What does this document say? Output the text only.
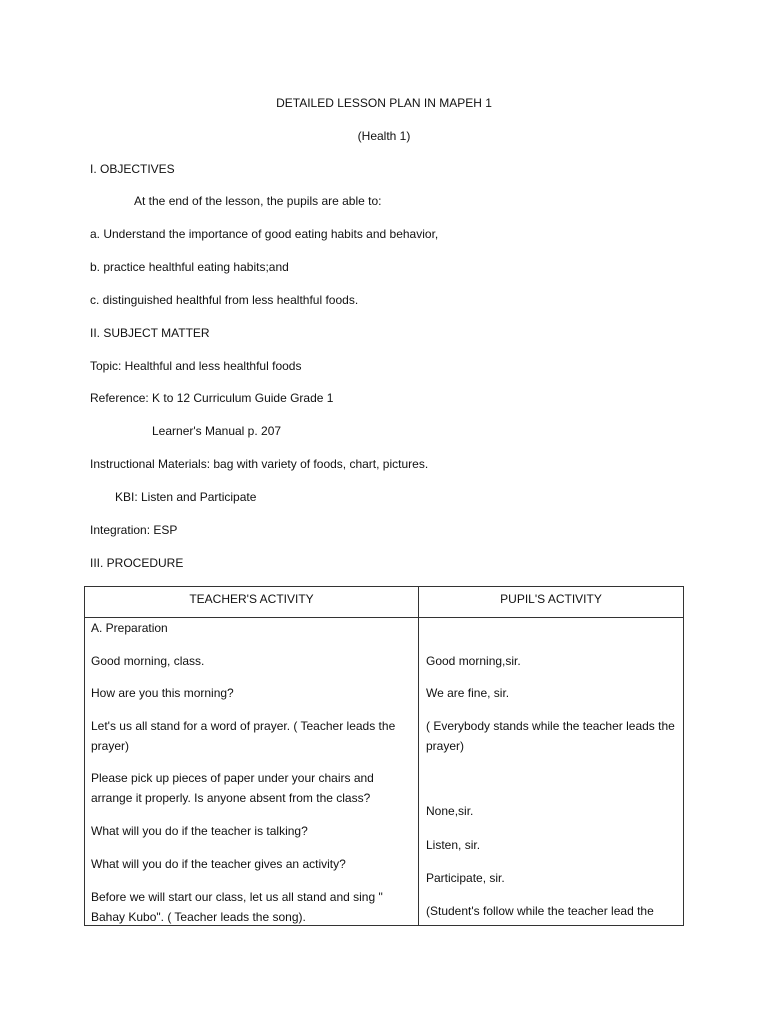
DETAILED LESSON PLAN IN MAPEH 1
(Health 1)
I. OBJECTIVES
At the end of the lesson, the pupils are able to:
a. Understand the importance of good eating habits and behavior,
b. practice healthful eating habits;and
c. distinguished healthful from less healthful foods.
II. SUBJECT MATTER
Topic: Healthful and less healthful foods
Reference: K to 12 Curriculum Guide Grade 1
Learner's Manual p. 207
Instructional Materials: bag with variety of foods, chart, pictures.
KBI: Listen and Participate
Integration: ESP
III. PROCEDURE
TEACHER'S ACTIVITY	PUPIL'S ACTIVITY
A. Preparation
Good morning, class.
How are you this morning?
Let's us all stand for a word of prayer. ( Teacher leads the prayer)
Please pick up pieces of paper under your chairs and arrange it properly. Is anyone absent from the class?
What will you do if the teacher is talking?
What will you do if the teacher gives an activity?
Before we will start our class, let us all stand and sing " Bahay Kubo". ( Teacher leads the song).
Good morning,sir.
We are fine, sir.
( Everybody stands while the teacher leads the prayer)
None,sir.
Listen, sir.
Participate, sir.
(Student's follow while the teacher lead the
